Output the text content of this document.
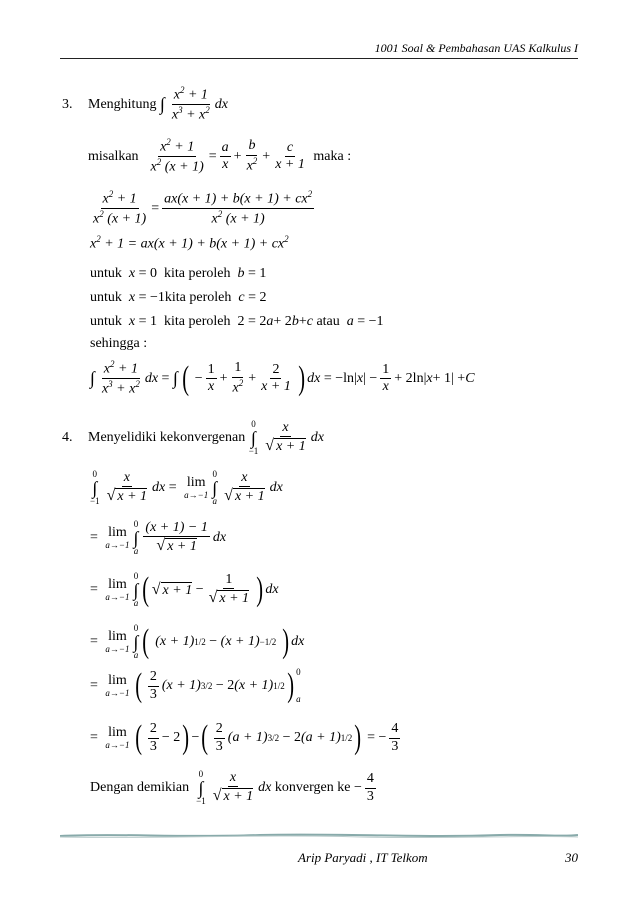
1001 Soal & Pembahasan UAS Kalkulus I
3.	Menghitung
∫ $\frac{x^2 + 1}{x^3 + x^2}$ dx
misalkan
$\frac{x^2 + 1}{x^2 (x + 1)} = \frac{a}{x} + \frac{b}{x^2} + \frac{c}{x + 1}$
maka :
$\frac{x^2 + 1}{x^2 (x + 1)} = \frac{ax(x + 1) + b(x + 1) + cx^2}{x^2 (x + 1)}$
$x^2 + 1 = ax(x + 1) + b(x + 1) + cx^2$
untuk
x = 0 kita peroleh
b = 1
untuk
x = −1 kita peroleh
c = 2
untuk
x = 1 kita peroleh 2 = 2 a + 2 b + c
atau
a = −1
sehingga :
∫ $\frac{x^2 + 1}{x^3 + x^2}$ dx = ∫ ( − $\frac{1}{x} + \frac{1}{x^2} + \frac{2}{x + 1}$ ) dx = −ln| x | − $\frac{1}{x} + 2\ln|$ x + 1| + C
4.	Menyelidiki kekonvergenan

0
∫
$-1 \frac{x}{√ x + 1}$ dx
0
∫
$-1 \frac{x}{√ x + 1}$ dx = lim
a→−1
0
∫
a $\frac{x}{√ x + 1}$ dx
= lim
a→−1
0
∫
a $\frac{(x + 1) - 1}{√ x + 1}$ dx
= lim
a→−1
0
∫
a ( √ $x + 1 - \frac{1}{√ x + 1}$ ) dx
= lim
a→−1
0
∫
a (
(x + 1) 1/2 − (x + 1) −1/2
) dx
= lim
a→−1 ( $\frac{2}{3} (x + 1) 3/2 - 2$ (x + 1) 1/2 ) 0

a
= lim
a→−1 ( $\frac{2}{3} - 2$ ) − ( $\frac{2}{3} (a + 1) 3/2 - 2$ (a + 1) 1/2 ) = − $\frac{4}{3}$
Dengan demikian

0
∫
$-1 \frac{x}{√ x + 1}$ dx
konvergen ke − $\frac{4}{3}$
Arip Paryadi , IT Telkom	30
